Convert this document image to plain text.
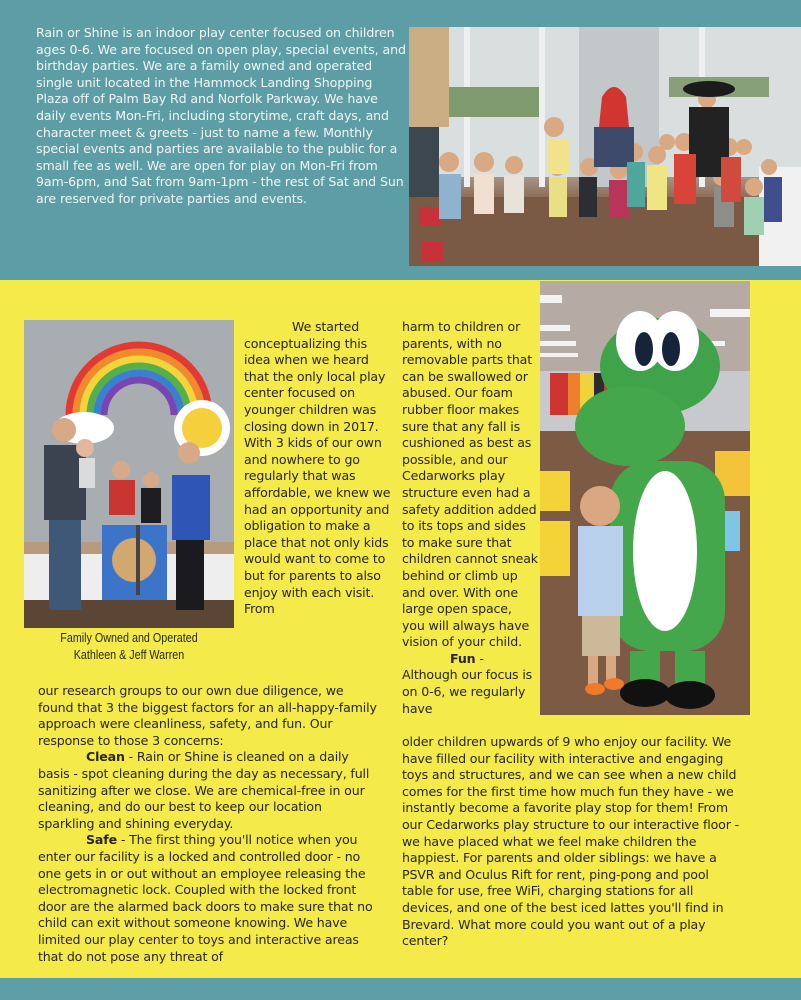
Rain or Shine is an indoor play center focused on children ages 0-6. We are focused on open play, special events, and birthday parties. We are a family owned and operated single unit located in the Hammock Landing Shopping Plaza off of Palm Bay Rd and Norfolk Parkway. We have daily events Mon-Fri, including storytime, craft days, and character meet & greets - just to name a few. Monthly special events and parties are available to the public for a small fee as well. We are open for play on Mon-Fri from 9am-6pm, and Sat from 9am-1pm - the rest of Sat and Sun are reserved for private parties and events.
Family Owned and Operated
Kathleen & Jeff Warren

We started conceptualizing this idea when we heard that the only local play center focused on younger children was closing down in 2017. With 3 kids of our own and nowhere to go regularly that was affordable, we knew we had an opportunity and obligation to make a place that not only kids would want to come to but for parents to also enjoy with each visit. From

our research groups to our own due diligence, we found that 3 the biggest factors for an all-happy-family approach were cleanliness, safety, and fun. Our response to those 3 concerns:

Clean - Rain or Shine is cleaned on a daily basis - spot cleaning during the day as necessary, full sanitizing after we close. We are chemical-free in our cleaning, and do our best to keep our location sparkling and shining everyday.

Safe - The first thing you'll notice when you enter our facility is a locked and controlled door - no one gets in or out without an employee releasing the electromagnetic lock. Coupled with the locked front door are the alarmed back doors to make sure that no child can exit without someone knowing. We have limited our play center to toys and interactive areas that do not pose any threat of

harm to children or parents, with no removable parts that can be swallowed or abused. Our foam rubber floor makes sure that any fall is cushioned as best as possible, and our Cedarworks play structure even had a safety addition added to its tops and sides to make sure that children cannot sneak behind or climb up and over. With one large open space, you will always have vision of your child.

Fun - Although our focus is on 0-6, we regularly have

older children upwards of 9 who enjoy our facility. We have filled our facility with interactive and engaging toys and structures, and we can see when a new child comes for the first time how much fun they have - we instantly become a favorite play stop for them! From our Cedarworks play structure to our interactive floor - we have placed what we feel make children the happiest. For parents and older siblings: we have a PSVR and Oculus Rift for rent, ping-pong and pool table for use, free WiFi, charging stations for all devices, and one of the best iced lattes you'll find in Brevard. What more could you want out of a play center?
